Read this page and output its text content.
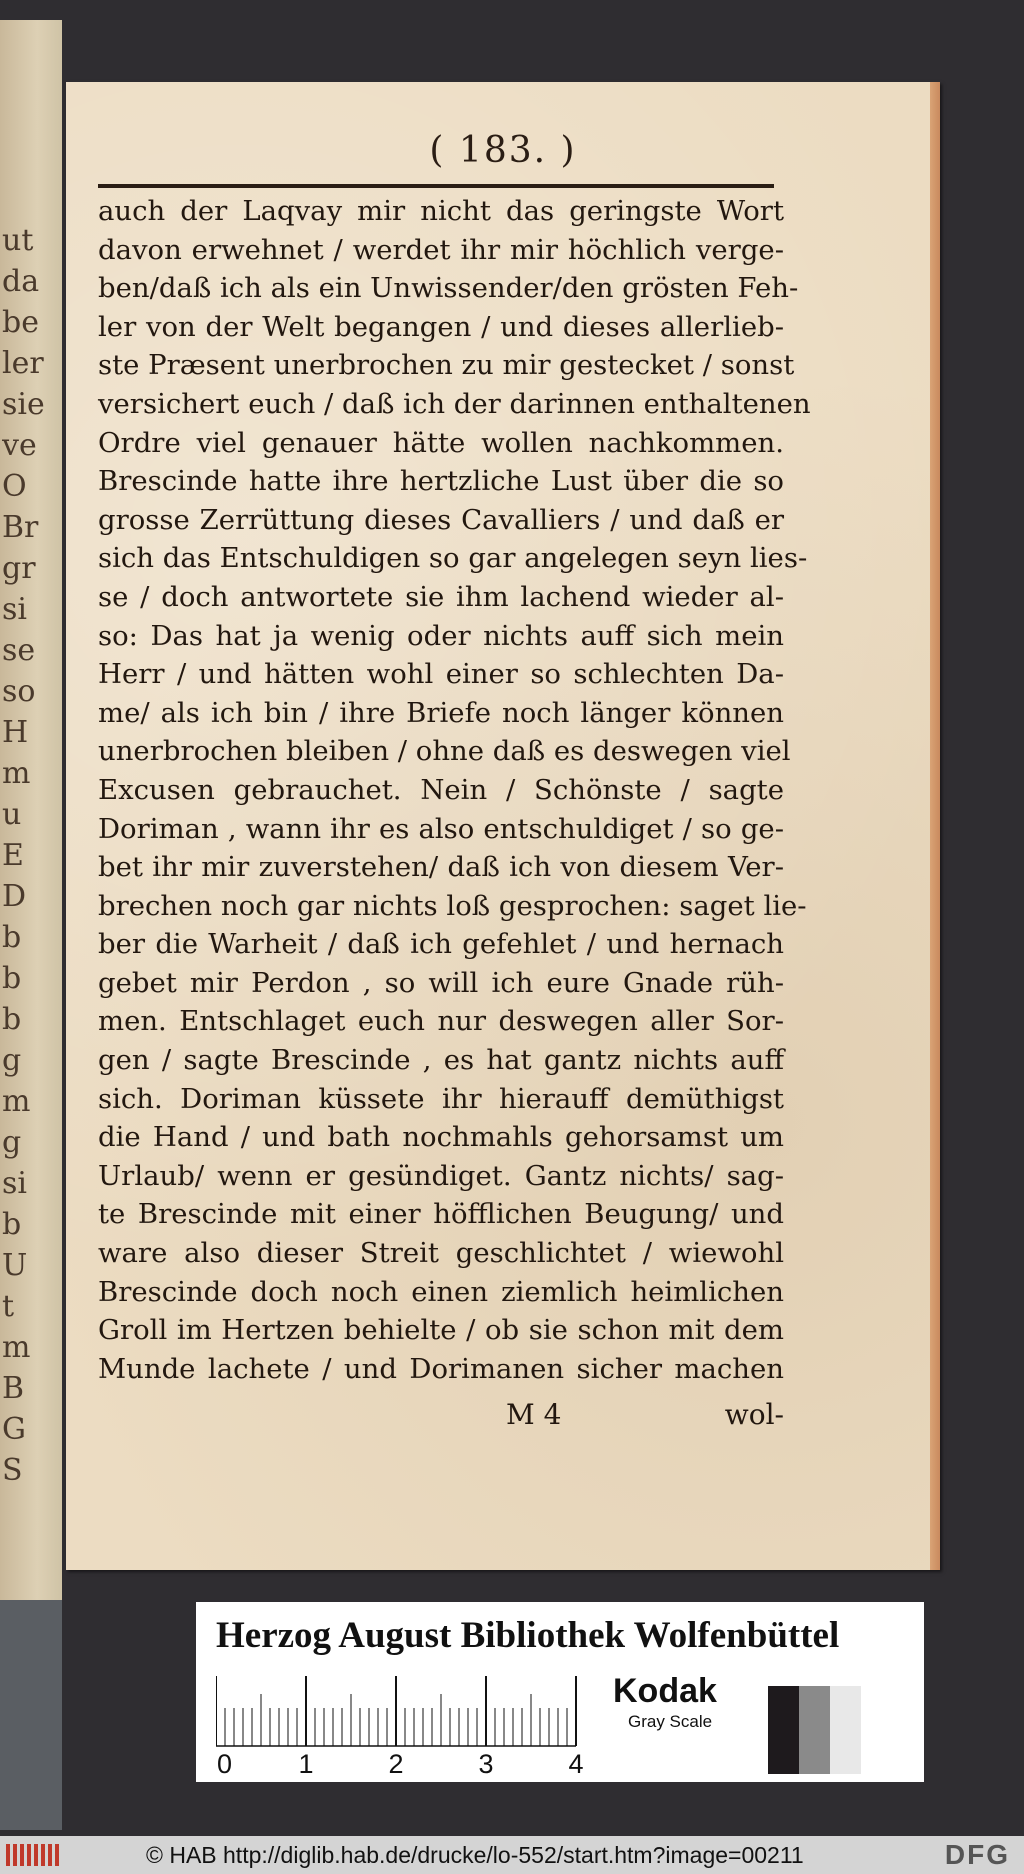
ut
da
be
ler
sie
ve
O
Br
gr
si
se
so
H
m
u
E
D
b
b
b
g
m
g
si
b
U
t
m
B
G
S
( 183. )
auch der Laqvay mir nicht das geringste Wort
davon erwehnet / werdet ihr mir höchlich verge-
ben/daß ich als ein Unwissender/den grösten Feh-
ler von der Welt begangen / und dieses allerlieb-
ste Præsent unerbrochen zu mir gestecket / sonst
versichert euch / daß ich der darinnen enthaltenen
Ordre viel genauer hätte wollen nachkommen.
Brescinde hatte ihre hertzliche Lust über die so
grosse Zerrüttung dieses Cavalliers / und daß er
sich das Entschuldigen so gar angelegen seyn lies-
se / doch antwortete sie ihm lachend wieder al-
so: Das hat ja wenig oder nichts auff sich mein
Herr / und hätten wohl einer so schlechten Da-
me/ als ich bin / ihre Briefe noch länger können
unerbrochen bleiben / ohne daß es deswegen viel
Excusen gebrauchet. Nein / Schönste / sagte
Doriman , wann ihr es also entschuldiget / so ge-
bet ihr mir zuverstehen/ daß ich von diesem Ver-
brechen noch gar nichts loß gesprochen: saget lie-
ber die Warheit / daß ich gefehlet / und hernach
gebet mir Perdon , so will ich eure Gnade rüh-
men. Entschlaget euch nur deswegen aller Sor-
gen / sagte Brescinde , es hat gantz nichts auff
sich. Doriman küssete ihr hierauff demüthigst
die Hand / und bath nochmahls gehorsamst um
Urlaub/ wenn er gesündiget. Gantz nichts/ sag-
te Brescinde mit einer höfflichen Beugung/ und
ware also dieser Streit geschlichtet / wiewohl
Brescinde doch noch einen ziemlich heimlichen
Groll im Hertzen behielte / ob sie schon mit dem
Munde lachete / und Dorimanen sicher machen
M 4	wol-
Herzog August Bibliothek Wolfenbüttel
0 1	2	3	4
Kodak
Gray Scale
© HAB http://diglib.hab.de/drucke/lo-552/start.htm?image=00211	DFG
